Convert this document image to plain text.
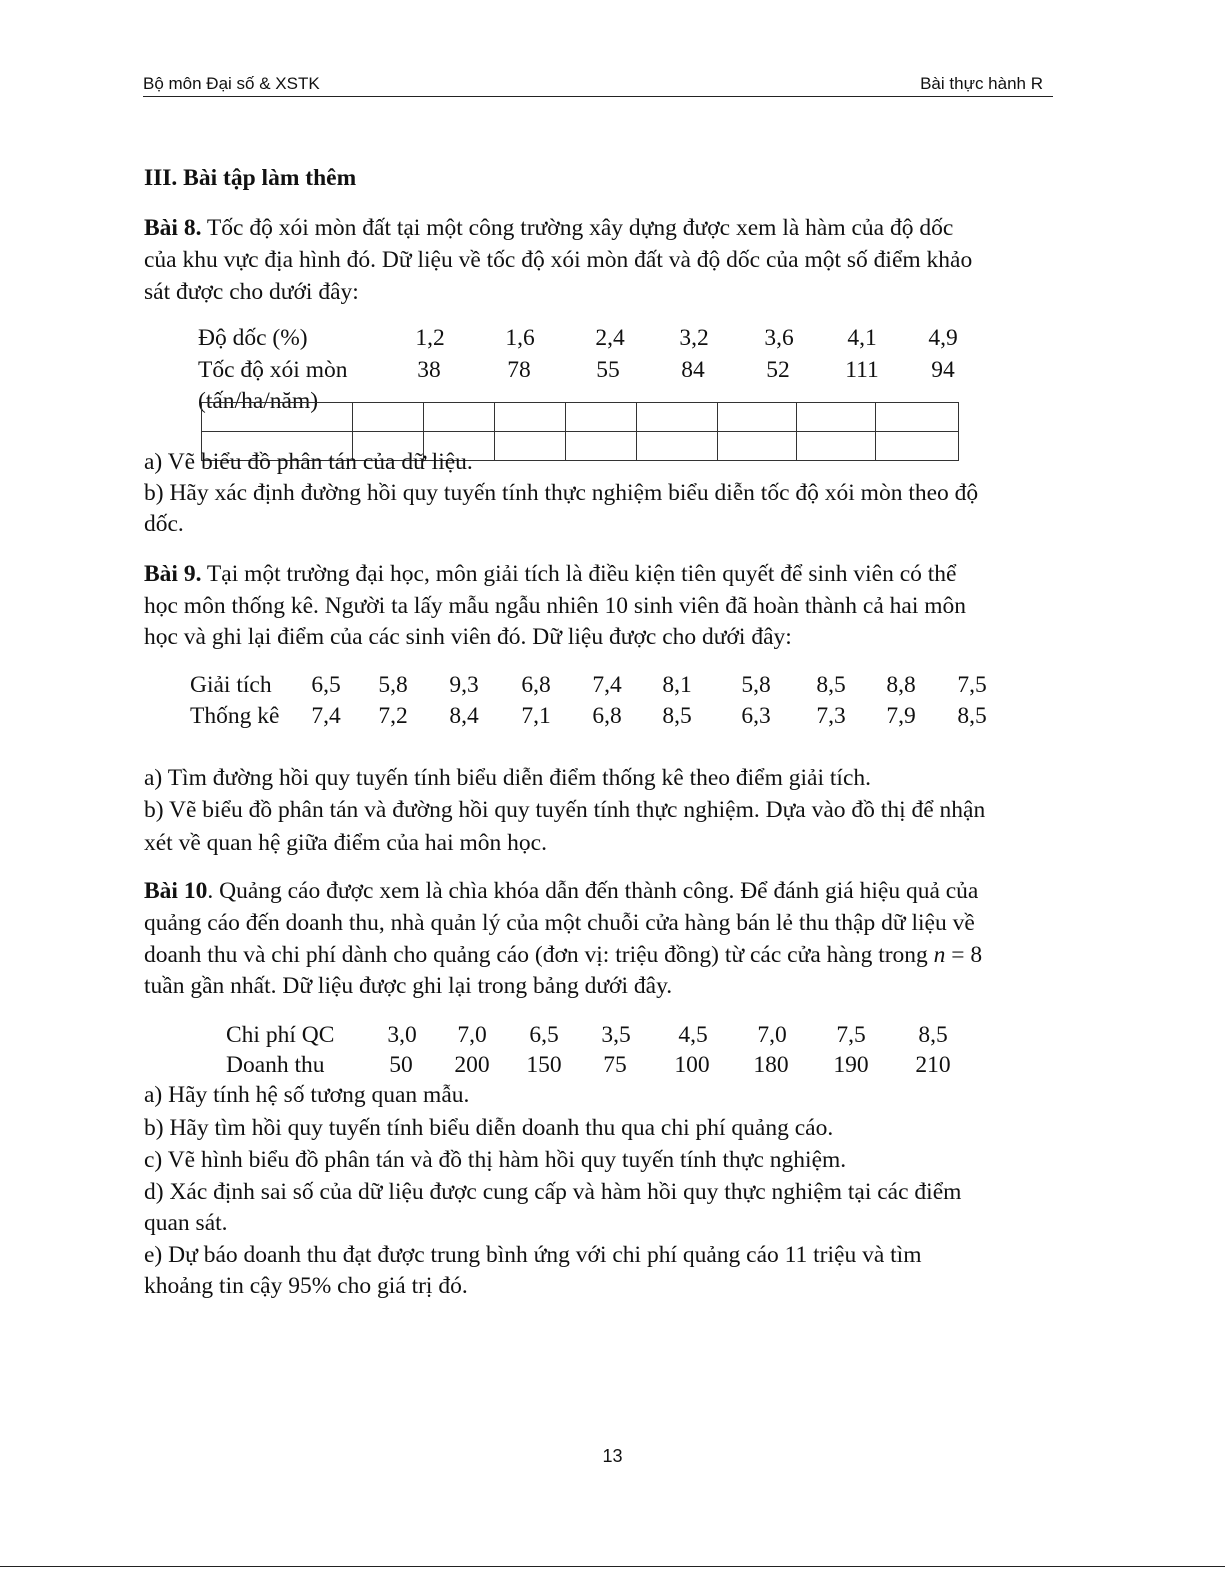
Bộ môn Đại số & XSTK	Bài thực hành R
III. Bài tập làm thêm
Bài 8. Tốc độ xói mòn đất tại một công trường xây dựng được xem là hàm của độ dốc
của khu vực địa hình đó. Dữ liệu về tốc độ xói mòn đất và độ dốc của một số điểm khảo
sát được cho dưới đây:
Độ dốc (%)	1,2	1,6	2,4 3,2 3,6 4,1 4,9
Tốc độ xói mòn	38	78	55	84	52 111 94
(tấn/ha/năm)

a) Vẽ biểu đồ phân tán của dữ liệu.
b) Hãy xác định đường hồi quy tuyến tính thực nghiệm biểu diễn tốc độ xói mòn theo độ
dốc.
Bài 9. Tại một trường đại học, môn giải tích là điều kiện tiên quyết để sinh viên có thể
học môn thống kê. Người ta lấy mẫu ngẫu nhiên 10 sinh viên đã hoàn thành cả hai môn
học và ghi lại điểm của các sinh viên đó. Dữ liệu được cho dưới đây:
Giải tích 6,5 5,8 9,3 6,8 7,4 8,1 5,8 8,5 8,8 7,5
Thống kê 7,4 7,2 8,4 7,1 6,8 8,5 6,3 7,3 7,9 8,5
a) Tìm đường hồi quy tuyến tính biểu diễn điểm thống kê theo điểm giải tích.
b) Vẽ biểu đồ phân tán và đường hồi quy tuyến tính thực nghiệm. Dựa vào đồ thị để nhận
xét về quan hệ giữa điểm của hai môn học.
Bài 10. Quảng cáo được xem là chìa khóa dẫn đến thành công. Để đánh giá hiệu quả của
quảng cáo đến doanh thu, nhà quản lý của một chuỗi cửa hàng bán lẻ thu thập dữ liệu về
doanh thu và chi phí dành cho quảng cáo (đơn vị: triệu đồng) từ các cửa hàng trong n = 8
tuần gần nhất. Dữ liệu được ghi lại trong bảng dưới đây.
Chi phí QC 3,0 7,0 6,5 3,5 4,5 7,0 7,5 8,5
Doanh thu	50 200 150 75 100 180 190 210
a) Hãy tính hệ số tương quan mẫu.
b) Hãy tìm hồi quy tuyến tính biểu diễn doanh thu qua chi phí quảng cáo.
c) Vẽ hình biểu đồ phân tán và đồ thị hàm hồi quy tuyến tính thực nghiệm.
d) Xác định sai số của dữ liệu được cung cấp và hàm hồi quy thực nghiệm tại các điểm
quan sát.
e) Dự báo doanh thu đạt được trung bình ứng với chi phí quảng cáo 11 triệu và tìm
khoảng tin cậy 95% cho giá trị đó.
13
